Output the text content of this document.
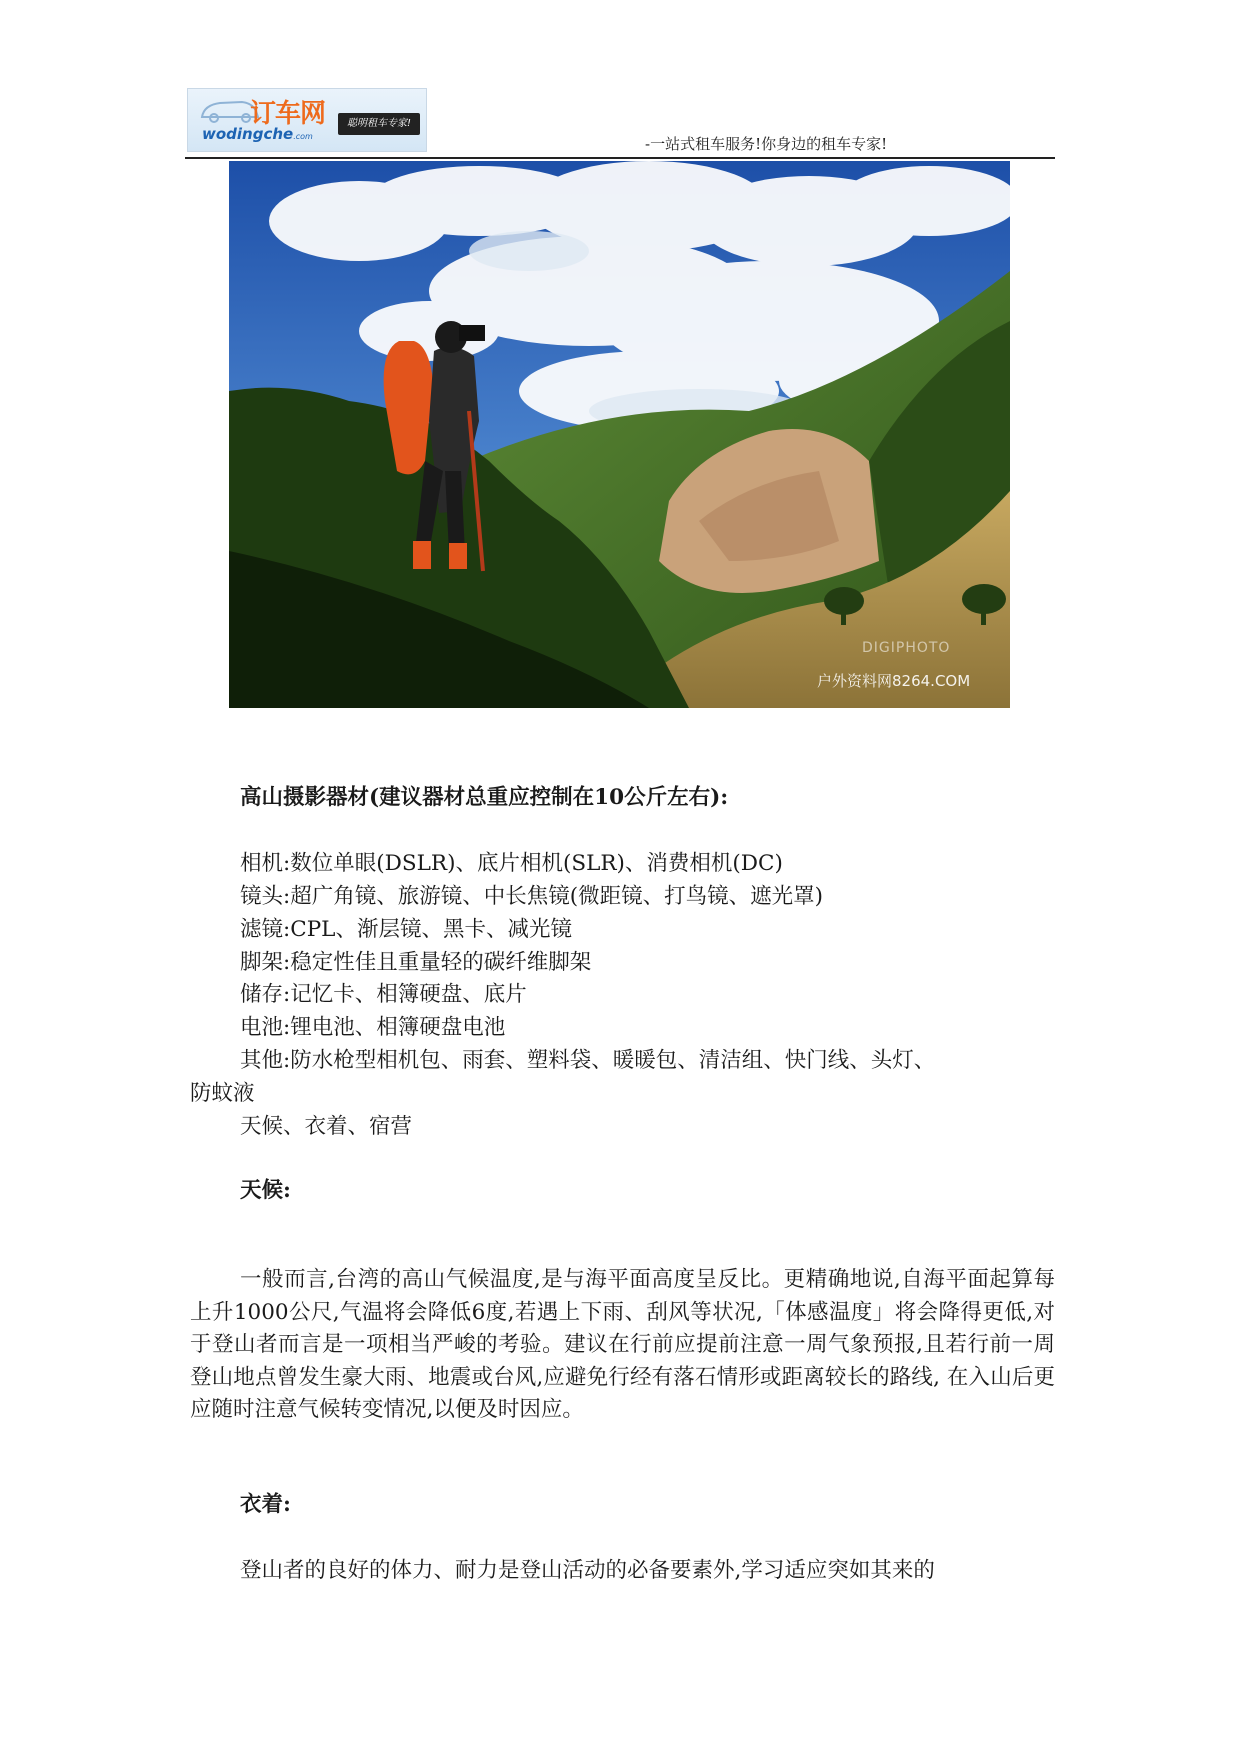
订车网
wodingche.com
聪明租车专家!
-一站式租车服务!你身边的租车专家!
DIGIPHOTO
户外资料网8264.COM
高山摄影器材(建议器材总重应控制在10公斤左右):
相机:数位单眼(DSLR)、底片相机(SLR)、消费相机(DC)
镜头:超广角镜、旅游镜、中长焦镜(微距镜、打鸟镜、遮光罩)
滤镜:CPL、渐层镜、黑卡、减光镜
脚架:稳定性佳且重量轻的碳纤维脚架
储存:记忆卡、相簿硬盘、底片
电池:锂电池、相簿硬盘电池
其他:防水枪型相机包、雨套、塑料袋、暖暖包、清洁组、快门线、头灯、
防蚊液
天候、衣着、宿营
天候:
一般而言,台湾的高山气候温度,是与海平面高度呈反比。更精确地说,自海平面起算每上升1000公尺,气温将会降低6度,若遇上下雨、刮风等状况,「体感温度」将会降得更低,对于登山者而言是一项相当严峻的考验。建议在行前应提前注意一周气象预报,且若行前一周登山地点曾发生豪大雨、地震或台风,应避免行经有落石情形或距离较长的路线, 在入山后更应随时注意气候转变情况,以便及时因应。
衣着:
登山者的良好的体力、耐力是登山活动的必备要素外,学习适应突如其来的
